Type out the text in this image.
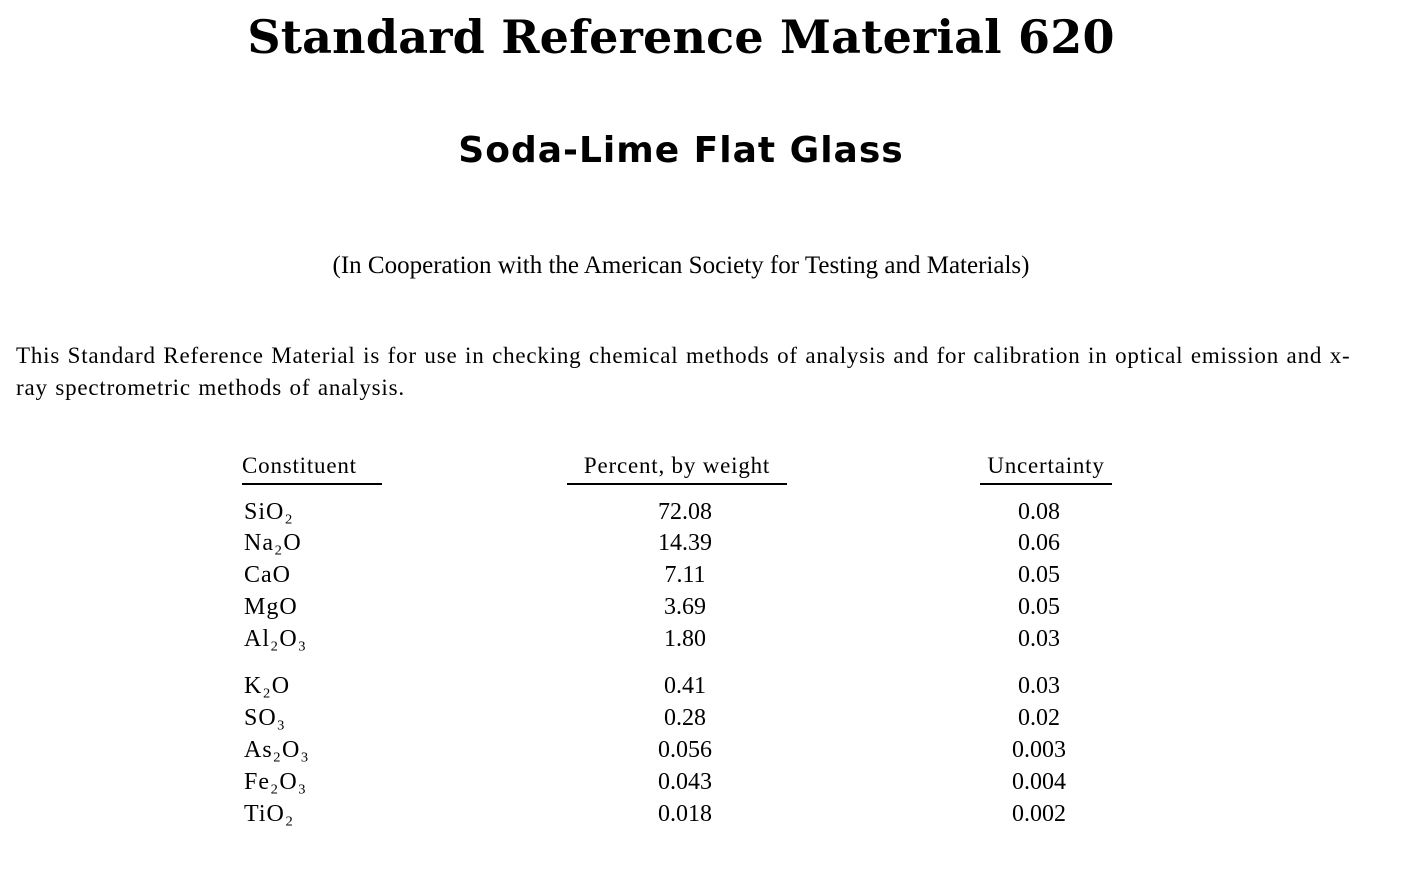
Standard Reference Material 620
Soda-Lime Flat Glass
(In Cooperation with the American Society for Testing and Materials)
This Standard Reference Material is for use in checking chemical methods of analysis and for calibration in optical emission and x-ray spectrometric methods of analysis.
Constituent	Percent, by weight	Uncertainty
SiO₂	72.08	0.08
Na₂O	14.39	0.06
CaO	7.11	0.05
MgO	3.69	0.05
Al₂O₃	1.80	0.03
K₂O	0.41	0.03
SO₃	0.28	0.02
As₂O₃	0.056	0.003
Fe₂O₃	0.043	0.004
TiO₂	0.018	0.002
